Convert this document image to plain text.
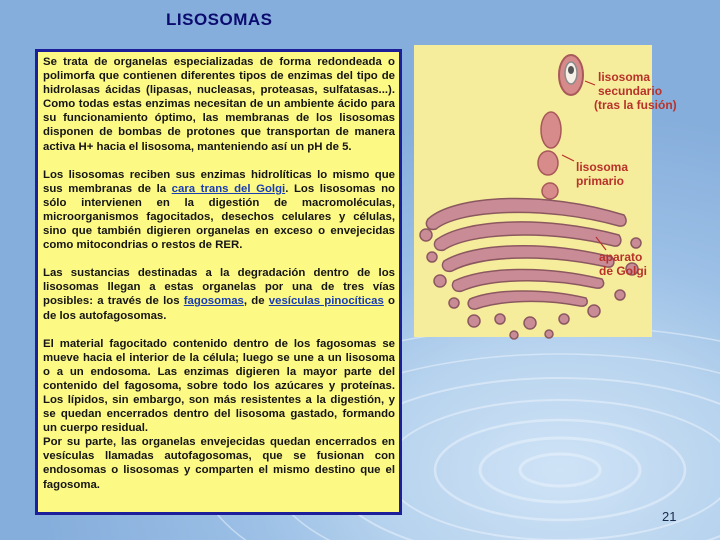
LISOSOMAS

Se trata de organelas especializadas de forma redondeada o polimorfa que contienen diferentes tipos de enzimas del tipo de hidrolasas ácidas (lipasas, nucleasas, proteasas, sulfatasas...). Como todas estas enzimas necesitan de un ambiente ácido para su funcionamiento óptimo, las membranas de los lisosomas disponen de bombas de protones que transportan de manera activa H+ hacia el lisosoma, manteniendo así un pH de 5.

Los lisosomas reciben sus enzimas hidrolíticas lo mismo que sus membranas de la cara trans del Golgi. Los lisosomas no sólo intervienen en la digestión de macromoléculas, microorganismos fagocitados, desechos celulares y células, sino que también digieren organelas en exceso o envejecidas como mitocondrias o restos de RER.

Las sustancias destinadas a la degradación dentro de los lisosomas llegan a estas organelas por una de tres vías posibles: a través de los fagosomas, de vesículas pinocíticas o de los autofagosomas.

El material fagocitado contenido dentro de los fagosomas se mueve hacia el interior de la célula; luego se une a un lisosoma o a un endosoma. Las enzimas digieren la mayor parte del contenido del fagosoma, sobre todo los azúcares y proteínas. Los lípidos, sin embargo, son más resistentes a la digestión, y se quedan encerrados dentro del lisosoma gastado, formando un cuerpo residual.

Por su parte, las organelas envejecidas quedan encerrados en vesículas llamadas autofagosomas, que se fusionan con endosomas o lisosomas y comparten el mismo destino que el fagosoma.

lisosoma
secundario
(tras la fusión)
lisosoma
primario
aparato
de Golgi
21
